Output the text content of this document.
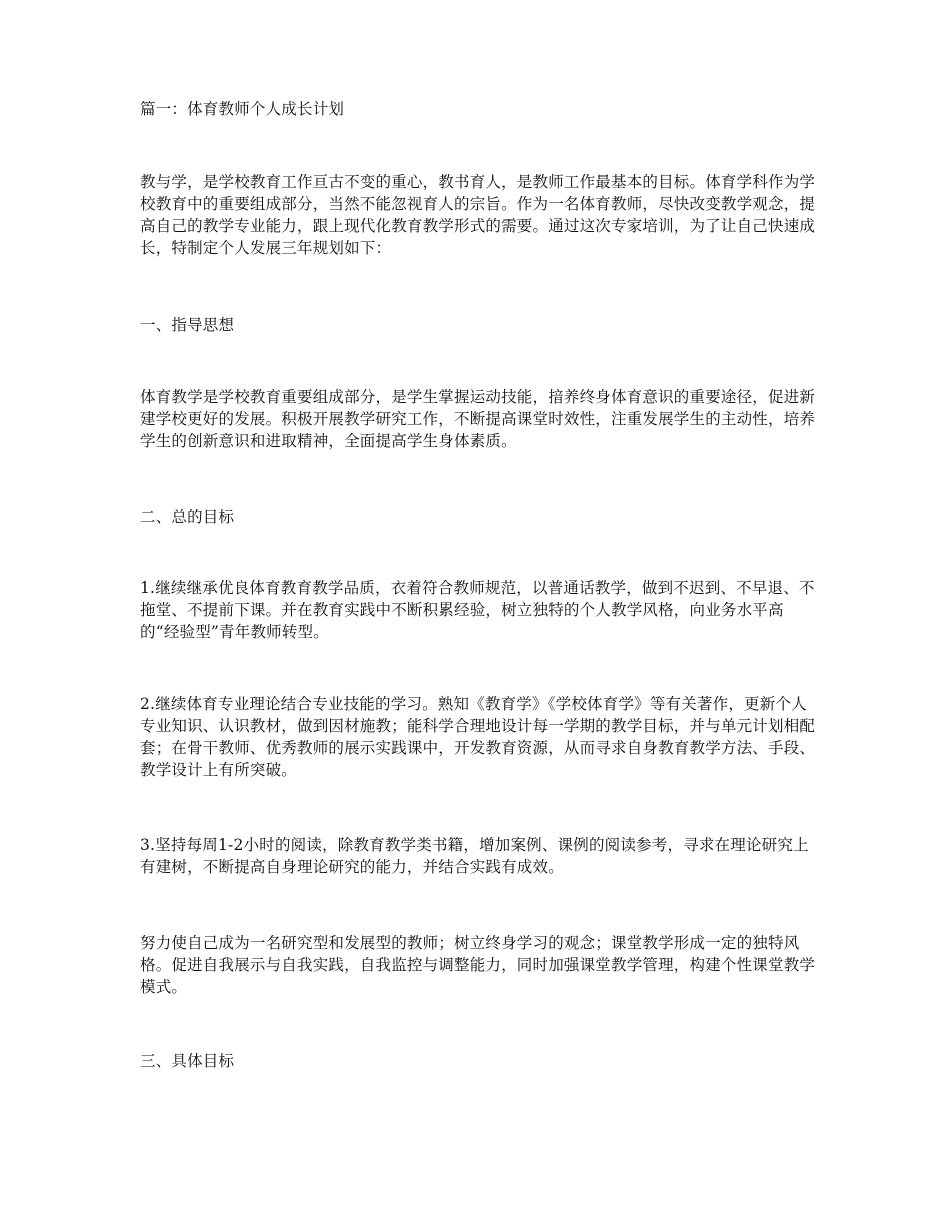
篇一：体育教师个人成长计划

教与学，是学校教育工作亘古不变的重心，教书育人，是教师工作最基本的目标。体育学科作为学校教育中的重要组成部分，当然不能忽视育人的宗旨。作为一名体育教师，尽快改变教学观念，提高自己的教学专业能力，跟上现代化教育教学形式的需要。通过这次专家培训，为了让自己快速成长，特制定个人发展三年规划如下：

一、指导思想

体育教学是学校教育重要组成部分，是学生掌握运动技能，揞养终身体育意识的重要途径，促进新建学校更好的发展。积极开展教学研究工作，不断提高课堂时效性，注重发展学生的主动性，培养学生的创新意识和进取精神，全面提高学生身体素质。

二、总的目标

1.继续继承优良体育教育教学品质，衣着符合教师规范，以普通话教学，做到不迟到、不早退、不拖堂、不提前下课。并在教育实践中不断积累经验，树立独特的个人教学风格，向业务水平高的“经验型”青年教师转型。

2.继续体育专业理论结合专业技能的学习。熟知《教育学》《学校体育学》等有关著作，更新个人专业知识、认识教材，做到因材施教；能科学合理地设计每一学期的教学目标，并与单元计划相配套；在骨干教师、优秀教师的展示实践课中，开发教育资源，从而寻求自身教育教学方法、手段、教学设计上有所突破。

3.坚持每周1-2小时的阅读，除教育教学类书籍，增加案例、课例的阅读参考，寻求在理论研究上有建树，不断提高自身理论研究的能力，并结合实践有成效。

努力使自己成为一名研究型和发展型的教师；树立终身学习的观念；课堂教学形成一定的独特风格。促进自我展示与自我实践，自我监控与调整能力，同时加强课堂教学管理，构建个性课堂教学模式。

三、具体目标
